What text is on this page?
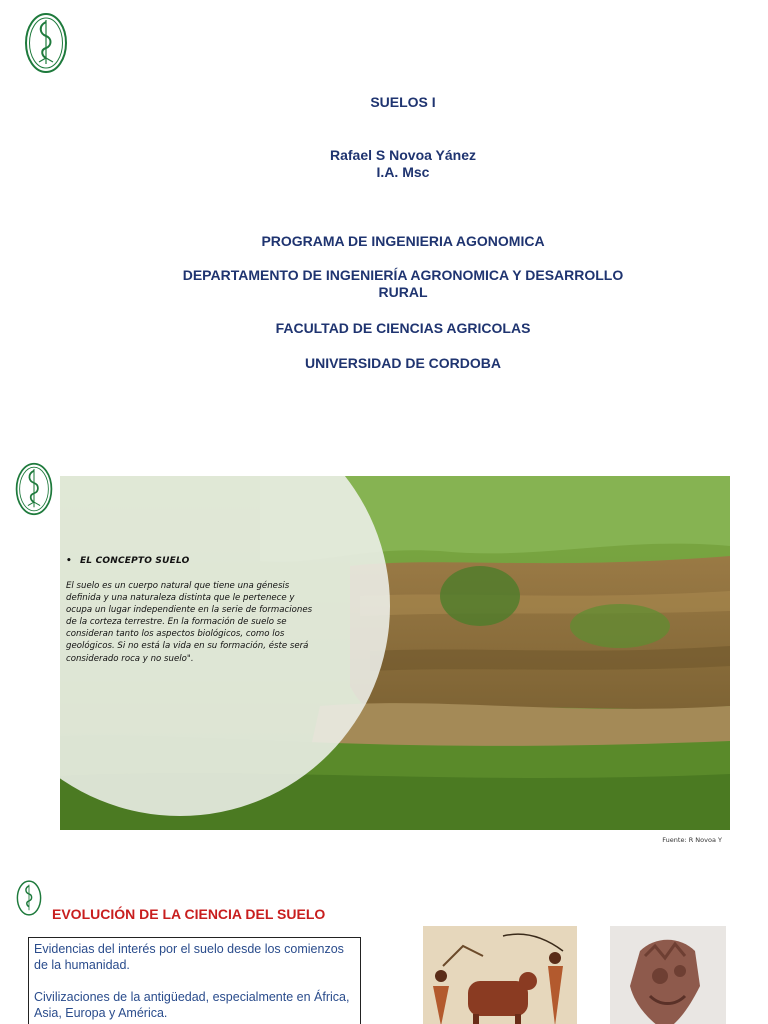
SUELOS I
Rafael S Novoa Yánez
I.A. Msc
PROGRAMA DE INGENIERIA AGONOMICA
DEPARTAMENTO DE INGENIERÍA AGRONOMICA Y DESARROLLO RURAL
FACULTAD DE CIENCIAS AGRICOLAS
UNIVERSIDAD DE CORDOBA
• EL CONCEPTO SUELO
El suelo es un cuerpo natural que tiene una génesis definida y una naturaleza distinta que le pertenece y ocupa un lugar independiente en la serie de formaciones de la corteza terrestre. En la formación de suelo se consideran tanto los aspectos biológicos, como los geológicos. Si no está la vida en su formación, éste será considerado roca y no suelo".
Fuente: R Novoa Y
EVOLUCIÓN DE LA CIENCIA DEL SUELO

Evidencias del interés por el suelo desde los comienzos de la humanidad.

Civilizaciones de la antigüedad, especialmente en África, Asia, Europa y América.
